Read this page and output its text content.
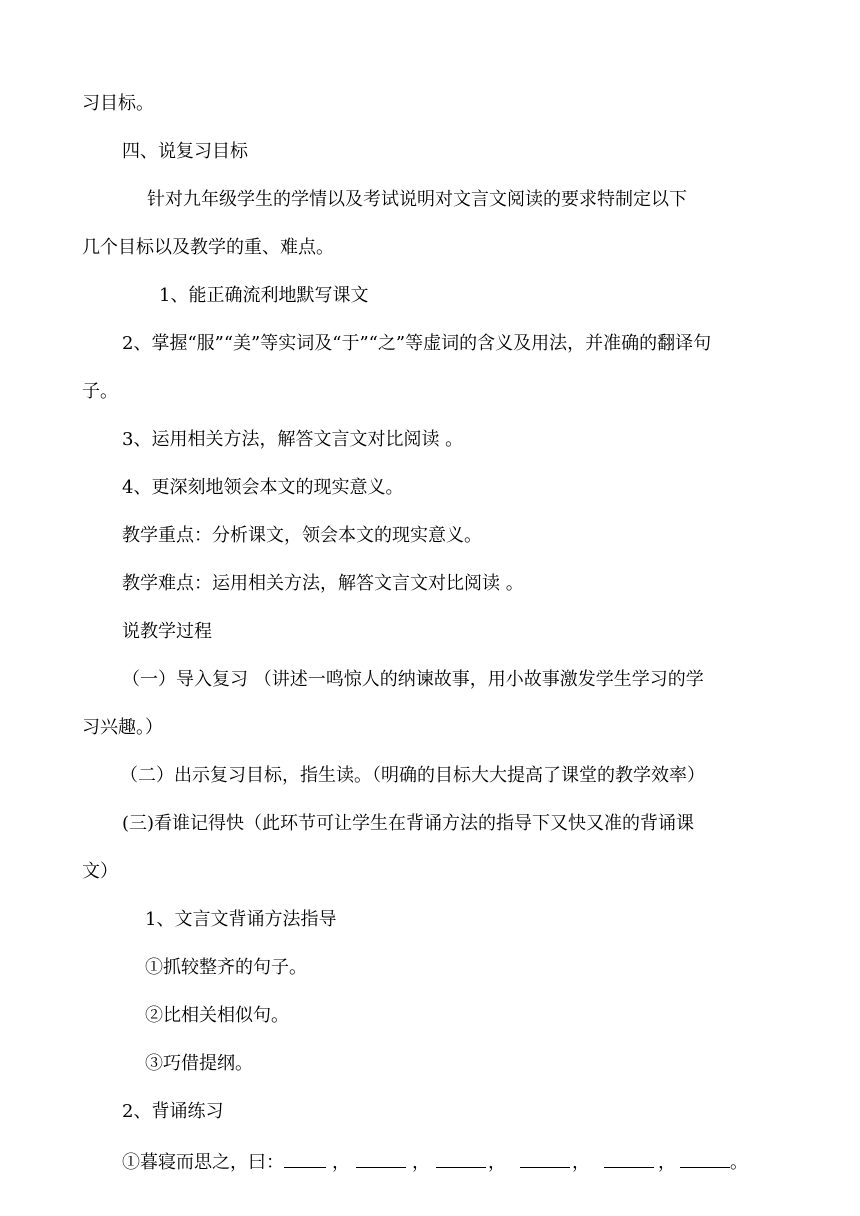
习目标。

四、说复习目标

针对九年级学生的学情以及考试说明对文言文阅读的要求特制定以下

几个目标以及教学的重、难点。

1、能正确流利地默写课文

2、掌握“服”“美”等实词及“于”“之”等虚词的含义及用法，并准确的翻译句

子。

3、运用相关方法，解答文言文对比阅读 。

4、更深刻地领会本文的现实意义。

教学重点：分析课文，领会本文的现实意义。

教学难点：运用相关方法，解答文言文对比阅读 。

说教学过程

（一）导入复习 （讲述一鸣惊人的纳谏故事，用小故事激发学生学习的学

习兴趣。）

（二）出示复习目标，指生读。（明确的目标大大提高了课堂的教学效率）

(三)看谁记得快（此环节可让学生在背诵方法的指导下又快又准的背诵课

文）

1、文言文背诵方法指导

①抓较整齐的句子。

②比相关相似句。

③巧借提纲。

2、背诵练习

①暮寝而思之，曰：	，	，	，	，	，	。
